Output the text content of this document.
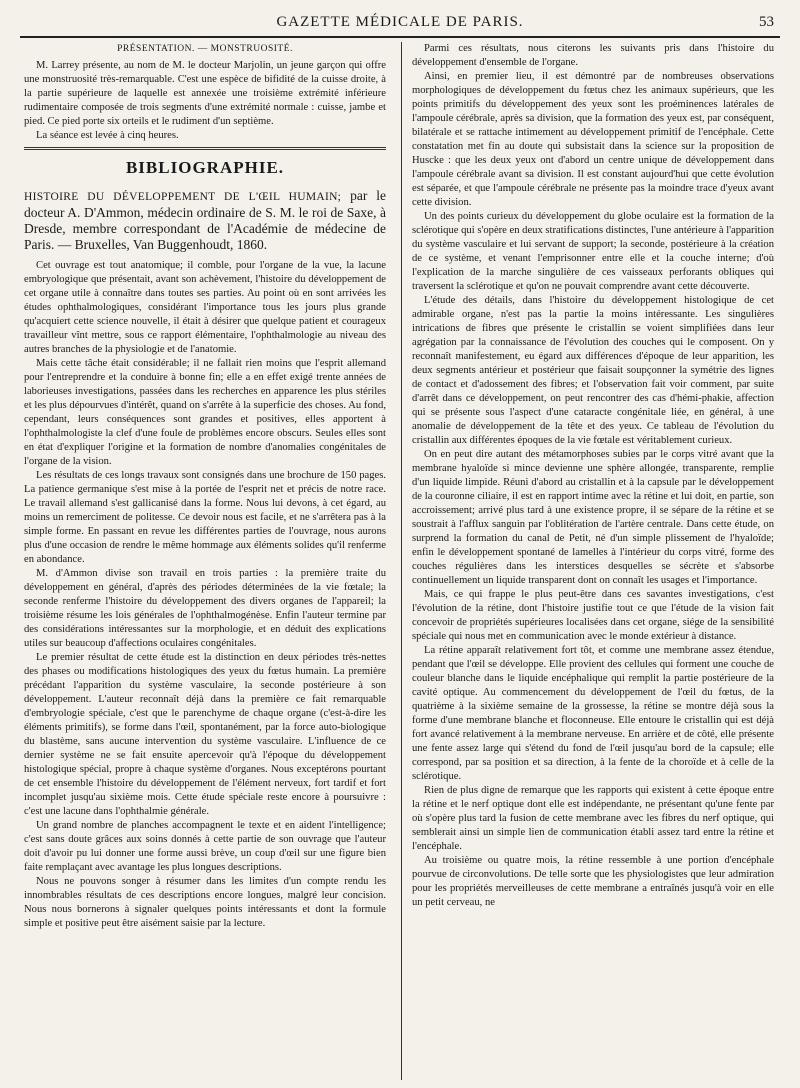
GAZETTE MÉDICALE DE PARIS.	53
PRÉSENTATION. — MONSTRUOSITÉ.

M. Larrey présente, au nom de M. le docteur Marjolin, un jeune garçon qui offre une monstruosité très-remarquable. C'est une espèce de bifidité de la cuisse droite, à la partie supérieure de laquelle est annexée une troisième extrémité inférieure rudimentaire composée de trois segments d'une extrémité normale : cuisse, jambe et pied. Ce pied porte six orteils et le rudiment d'un septième.

La séance est levée à cinq heures.

BIBLIOGRAPHIE.
HISTOIRE DU DÉVELOPPEMENT DE L'ŒIL HUMAIN; par le docteur A. D'Ammon, médecin ordinaire de S. M. le roi de Saxe, à Dresde, membre correspondant de l'Académie de médecine de Paris. — Bruxelles, Van Buggenhoudt, 1860.

Cet ouvrage est tout anatomique; il comble, pour l'organe de la vue, la lacune embryologique que présentait, avant son achèvement, l'histoire du développement de cet organe utile à connaître dans toutes ses parties. Au point où en sont arrivées les études ophthalmologiques, considérant l'importance tous les jours plus grande qu'acquiert cette science nouvelle, il était à désirer que quelque patient et courageux travailleur vînt mettre, sous ce rapport élémentaire, l'ophthalmologie au niveau des autres branches de la physiologie et de l'anatomie.

Mais cette tâche était considérable; il ne fallait rien moins que l'esprit allemand pour l'entreprendre et la conduire à bonne fin; elle a en effet exigé trente années de laborieuses investigations, passées dans les recherches en apparence les plus stériles et les plus dépourvues d'intérêt, quand on s'arrête à la superficie des choses. Au fond, cependant, leurs conséquences sont grandes et positives, elles apportent à l'ophthalmologiste la clef d'une foule de problèmes encore obscurs. Seules elles sont en état d'expliquer l'origine et la formation de nombre d'anomalies congénitales de l'organe de la vision.

Les résultats de ces longs travaux sont consignés dans une brochure de 150 pages. La patience germanique s'est mise à la portée de l'esprit net et précis de notre race. Le travail allemand s'est gallicanisé dans la forme. Nous lui devons, à cet égard, au moins un remerciment de politesse. Ce devoir nous est facile, et ne s'arrêtera pas à la simple forme. En passant en revue les différentes parties de l'ouvrage, nous aurons plus d'une occasion de rendre le même hommage aux éléments solides qu'il renferme en abondance.

M. d'Ammon divise son travail en trois parties : la première traite du développement en général, d'après des périodes déterminées de la vie fœtale; la seconde renferme l'histoire du développement des divers organes de l'appareil; la troisième résume les lois générales de l'ophthalmogénèse. Enfin l'auteur termine par des considérations intéressantes sur la morphologie, et en déduit des explications utiles sur beaucoup d'affections oculaires congénitales.

Le premier résultat de cette étude est la distinction en deux périodes très-nettes des phases ou modifications histologiques des yeux du fœtus humain. La première précédant l'apparition du système vasculaire, la seconde postérieure à son développement. L'auteur reconnaît déjà dans la première ce fait remarquable d'embryologie spéciale, c'est que le parenchyme de chaque organe (c'est-à-dire les éléments primitifs), se forme dans l'œil, spontanément, par la force auto-biologique du blastème, sans aucune intervention du système vasculaire. L'influence de ce dernier système ne se fait ensuite apercevoir qu'à l'époque du développement histologique spécial, propre à chaque système d'organes. Nous exceptérons pourtant de cet ensemble l'histoire du développement de l'élément nerveux, fort tardif et fort incomplet jusqu'au sixième mois. Cette étude spéciale reste encore à poursuivre : c'est une lacune dans l'ophthalmie générale.

Un grand nombre de planches accompagnent le texte et en aident l'intelligence; c'est sans doute grâces aux soins donnés à cette partie de son ouvrage que l'auteur doit d'avoir pu lui donner une forme aussi brève, un coup d'œil sur une figure bien faite remplaçant avec avantage les plus longues descriptions.

Nous ne pouvons songer à résumer dans les limites d'un compte rendu les innombrables résultats de ces descriptions encore longues, malgré leur concision. Nous nous bornerons à signaler quelques points intéressants et dont la formule simple et positive peut être aisément saisie par la lecture.

Parmi ces résultats, nous citerons les suivants pris dans l'histoire du développement d'ensemble de l'organe.

Ainsi, en premier lieu, il est démontré par de nombreuses observations morphologiques de développement du fœtus chez les animaux supérieurs, que les points primitifs du développement des yeux sont les proéminences latérales de l'ampoule cérébrale, après sa division, que la formation des yeux est, par conséquent, bilatérale et se rattache intimement au développement primitif de l'encéphale. Cette constatation met fin au doute qui subsistait dans la science sur la proposition de Huscke : que les deux yeux ont d'abord un centre unique de développement dans l'ampoule cérébrale avant sa division. Il est constant aujourd'hui que cette évolution est séparée, et que l'ampoule cérébrale ne présente pas la moindre trace d'yeux avant cette division.

Un des points curieux du développement du globe oculaire est la formation de la sclérotique qui s'opère en deux stratifications distinctes, l'une antérieure à l'apparition du système vasculaire et lui servant de support; la seconde, postérieure à la création de ce système, et venant l'emprisonner entre elle et la couche interne; d'où l'explication de la marche singulière de ces vaisseaux perforants obliques qui traversent la sclérotique et qu'on ne pouvait comprendre avant cette découverte.

L'étude des détails, dans l'histoire du développement histologique de cet admirable organe, n'est pas la partie la moins intéressante. Les singulières intrications de fibres que présente le cristallin se voient simplifiées dans leur agrégation par la connaissance de l'évolution des couches qui le composent. On y reconnaît manifestement, eu égard aux différences d'époque de leur apparition, les deux segments antérieur et postérieur que faisait soupçonner la symétrie des lignes de contact et d'adossement des fibres; et l'observation fait voir comment, par suite d'arrêt dans ce développement, on peut rencontrer des cas d'hémi-phakie, affection qui se présente sous l'aspect d'une cataracte congénitale liée, en général, à une anomalie de développement de la tête et des yeux. Ce tableau de l'évolution du cristallin aux différentes époques de la vie fœtale est véritablement curieux.

On en peut dire autant des métamorphoses subies par le corps vitré avant que la membrane hyaloïde si mince devienne une sphère allongée, transparente, remplie d'un liquide limpide. Réuni d'abord au cristallin et à la capsule par le développement de la couronne ciliaire, il est en rapport intime avec la rétine et lui doit, en partie, son accroissement; arrivé plus tard à une existence propre, il se sépare de la rétine et se soustrait à l'afflux sanguin par l'oblitération de l'artère centrale. Dans cette étude, on surprend la formation du canal de Petit, né d'un simple plissement de l'hyaloïde; enfin le développement spontané de lamelles à l'intérieur du corps vitré, forme des couches régulières dans les interstices desquelles se sécrète et s'absorbe continuellement un liquide transparent dont on connaît les usages et l'importance.

Mais, ce qui frappe le plus peut-être dans ces savantes investigations, c'est l'évolution de la rétine, dont l'histoire justifie tout ce que l'étude de la vision fait concevoir de propriétés supérieures localisées dans cet organe, siége de la sensibilité spéciale qui nous met en communication avec le monde extérieur à distance.

La rétine apparaît relativement fort tôt, et comme une membrane assez étendue, pendant que l'œil se développe. Elle provient des cellules qui forment une couche de couleur blanche dans le liquide encéphalique qui remplit la partie postérieure de la cavité optique. Au commencement du développement de l'œil du fœtus, de la quatrième à la sixième semaine de la grossesse, la rétine se montre déjà sous la forme d'une membrane blanche et floconneuse. Elle entoure le cristallin qui est déjà fort avancé relativement à la membrane nerveuse. En arrière et de côté, elle présente une fente assez large qui s'étend du fond de l'œil jusqu'au bord de la capsule; elle correspond, par sa position et sa direction, à la fente de la choroïde et à celle de la sclérotique.

Rien de plus digne de remarque que les rapports qui existent à cette époque entre la rétine et le nerf optique dont elle est indépendante, ne présentant qu'une fente par où s'opère plus tard la fusion de cette membrane avec les fibres du nerf optique, qui semblerait ainsi un simple lien de communication établi assez tard entre la rétine et l'encéphale.

Au troisième ou quatre mois, la rétine ressemble à une portion d'encéphale pourvue de circonvolutions. De telle sorte que les physiologistes que leur admiration pour les propriétés merveilleuses de cette membrane a entraînés jusqu'à voir en elle un petit cerveau, ne
